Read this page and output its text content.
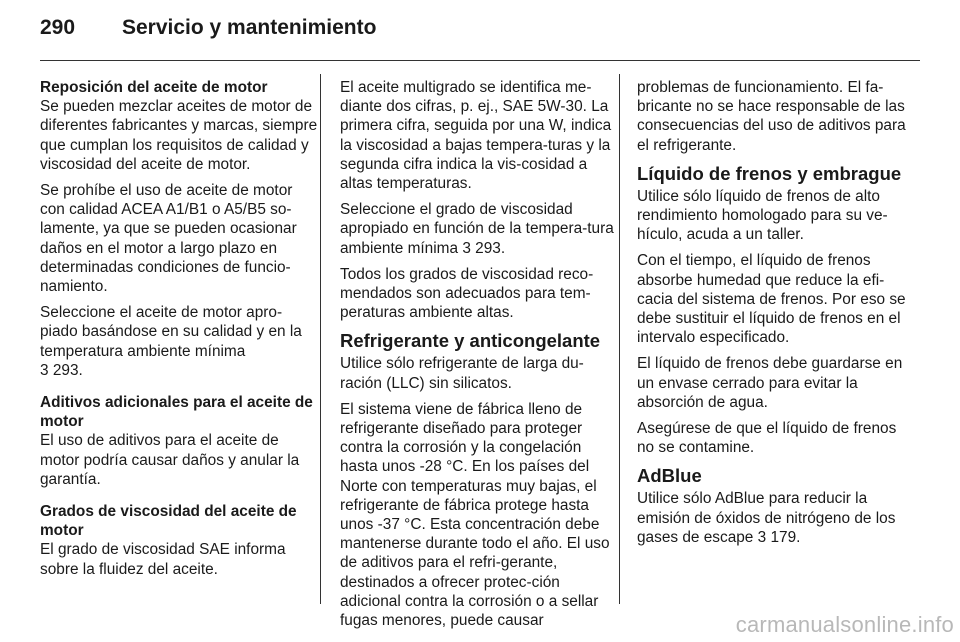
290 Servicio y mantenimiento
Reposición del aceite de motor

Se pueden mezclar aceites de motor de diferentes fabricantes y marcas, siempre que cumplan los requisitos de calidad y viscosidad del aceite de motor.

Se prohíbe el uso de aceite de motor con calidad ACEA A1/B1 o A5/B5 so-lamente, ya que se pueden ocasionar daños en el motor a largo plazo en determinadas condiciones de funcio-namiento.

Seleccione el aceite de motor apro-piado basándose en su calidad y en la temperatura ambiente mínima
3 293.

Aditivos adicionales para el aceite de motor

El uso de aditivos para el aceite de motor podría causar daños y anular la garantía.

Grados de viscosidad del aceite de motor

El grado de viscosidad SAE informa sobre la fluidez del aceite.

El aceite multigrado se identifica me-diante dos cifras, p. ej., SAE 5W-30. La primera cifra, seguida por una W, indica la viscosidad a bajas tempera-turas y la segunda cifra indica la vis-cosidad a altas temperaturas.

Seleccione el grado de viscosidad apropiado en función de la tempera-tura ambiente mínima 3 293.

Todos los grados de viscosidad reco-mendados son adecuados para tem-peraturas ambiente altas.

Refrigerante y anticongelante

Utilice sólo refrigerante de larga du-ración (LLC) sin silicatos.

El sistema viene de fábrica lleno de refrigerante diseñado para proteger contra la corrosión y la congelación hasta unos -28 °C. En los países del Norte con temperaturas muy bajas, el refrigerante de fábrica protege hasta unos -37 °C. Esta concentración debe mantenerse durante todo el año. El uso de aditivos para el refri-gerante, destinados a ofrecer protec-ción adicional contra la corrosión o a sellar fugas menores, puede causar

problemas de funcionamiento. El fa-bricante no se hace responsable de las consecuencias del uso de aditivos para el refrigerante.

Líquido de frenos y embrague

Utilice sólo líquido de frenos de alto rendimiento homologado para su ve-hículo, acuda a un taller.

Con el tiempo, el líquido de frenos absorbe humedad que reduce la efi-cacia del sistema de frenos. Por eso se debe sustituir el líquido de frenos en el intervalo especificado.

El líquido de frenos debe guardarse en un envase cerrado para evitar la absorción de agua.

Asegúrese de que el líquido de frenos no se contamine.

AdBlue

Utilice sólo AdBlue para reducir la emisión de óxidos de nitrógeno de los gases de escape 3 179.

carmanualsonline.info
